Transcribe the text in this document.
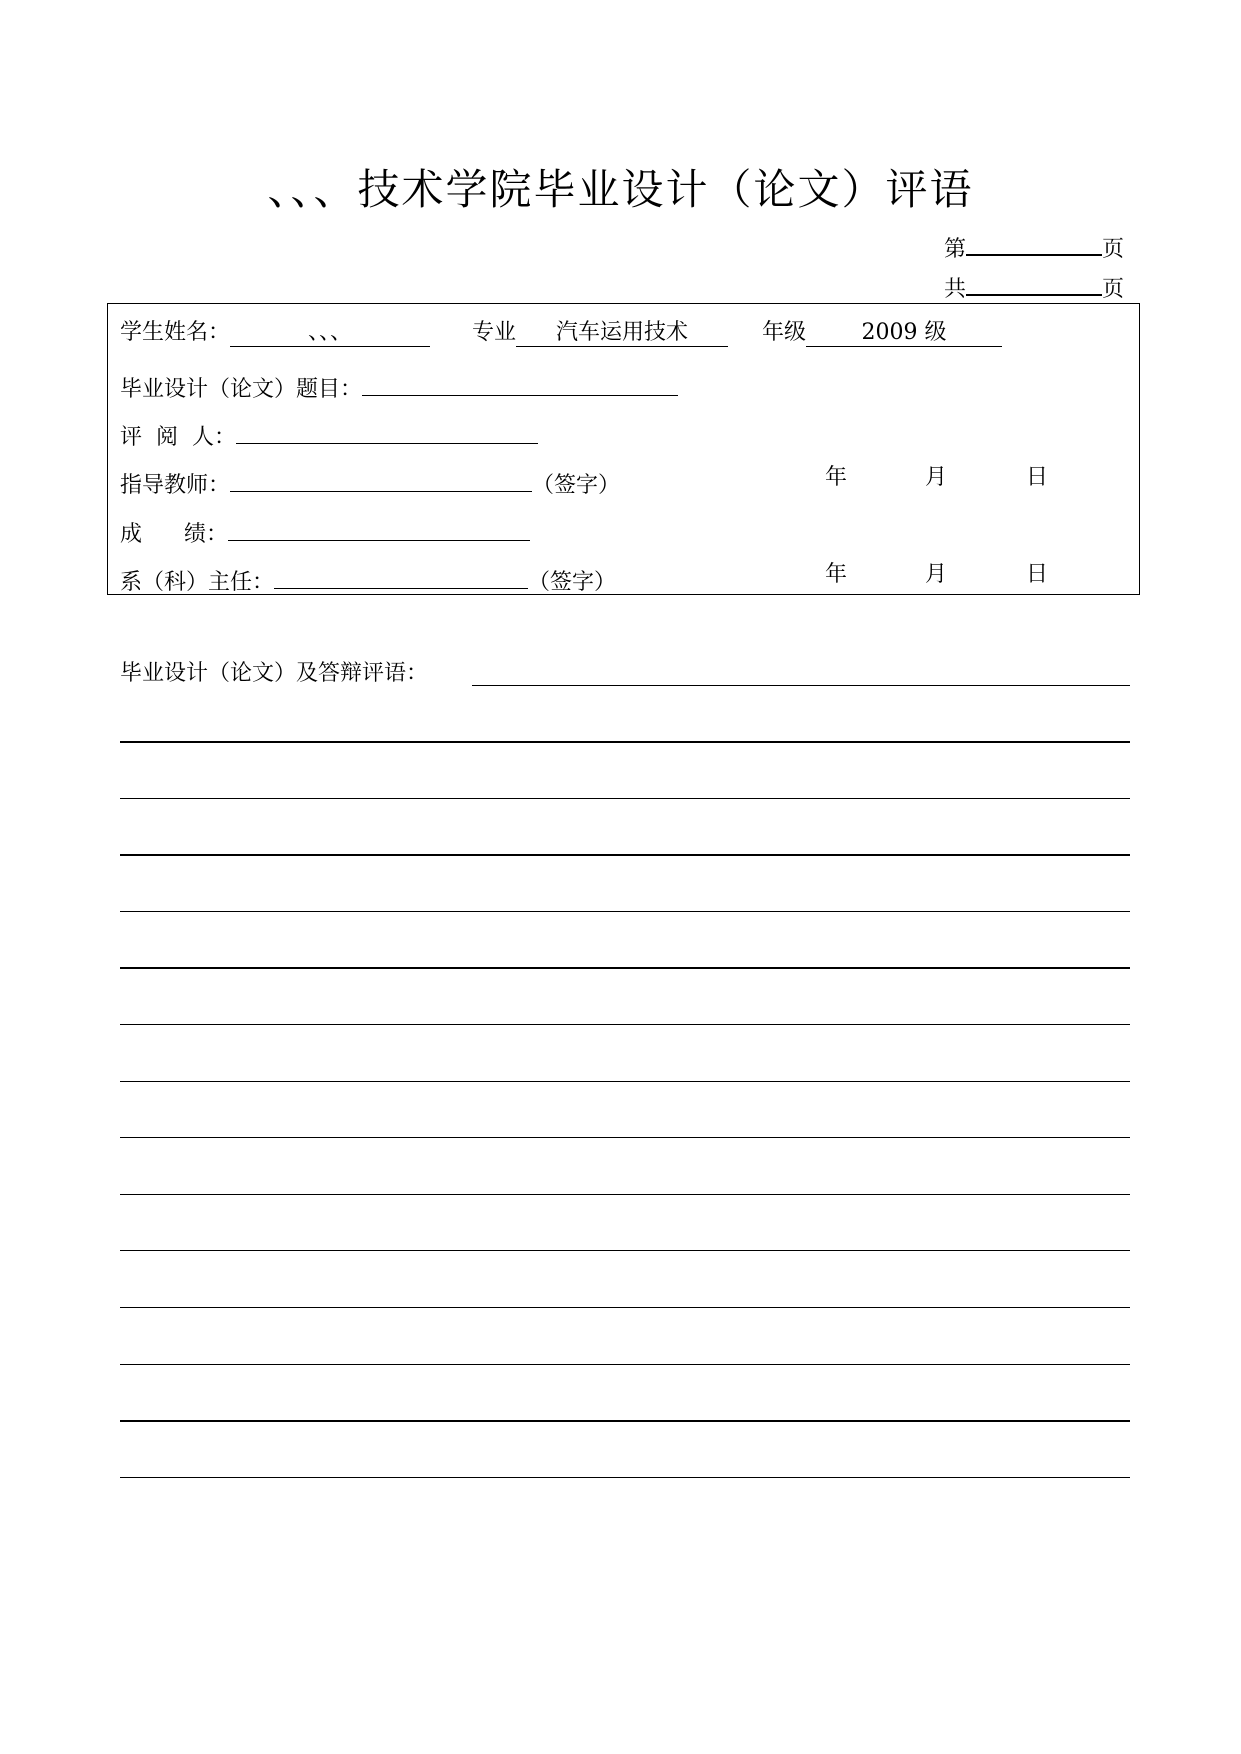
、、、技术学院毕业设计（论文）评语
第	页
共	页
学生姓名：	、、、	专业 汽车运用技术	年级	2009 级
毕业设计（论文）题目：
评  阅  人：
指导教师：	（签字）	年	月	日
成      绩：
系（科）主任：	（签字）	年	月	日
毕业设计（论文）及答辩评语：
